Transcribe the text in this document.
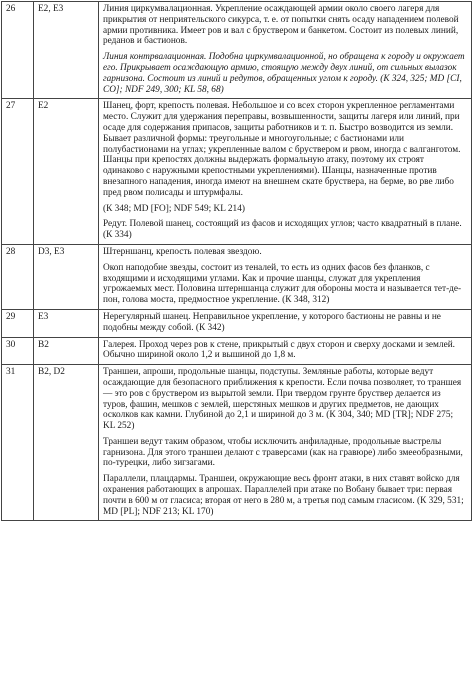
26	E2, E3	Линия циркумвалационная. Укрепление осаждающей армии около своего лагеря для прикрытия от неприятельского сикурса, т. е. от попытки снять осаду нападением полевой армии противника. Имеет ров и вал с бруствером и банкетом. Состоит из полевых линий, реданов и бастионов.

Линия контрвалационная. Подобна циркумвалационной, но обращена к городу и окружает его. Прикрывает осаждающую армию, стоящую между двух линий, от сильных вылазок гарнизона. Состоит из линий и редутов, обращенных углом к городу. (К 324, 325; MD [CI, CO]; NDF 249, 300; KL 58, 68)

27	E2	Шанец, форт, крепость полевая. Небольшое и со всех сторон укрепленное регламентами место. Служит для удержания переправы, возвышенности, защиты лагеря или линий, при осаде для содержания припасов, защиты работников и т. п. Быстро возводится из земли. Бывает различной формы: треугольные и многоугольные; с бастионами или полубастионами на углах; укрепленные валом с бруствером и рвом, иногда с валганготом. Шанцы при крепостях должны выдержать формальную атаку, поэтому их строят одинаково с наружными крепостными укреплениями). Шанцы, назначенные против внезапного нападения, иногда имеют на внешнем скате бруствера, на берме, во рве либо пред рвом полисады и штурмфалы.

(К 348; MD [FO]; NDF 549; KL 214)

Редут. Полевой шанец, состоящий из фасов и исходящих углов; часто квадратный в плане. (К 334)

28	D3, E3	Штерншанц, крепость полевая звездою.

Окоп наподобие звезды, состоит из теналей, то есть из одних фасов без фланков, с входящими и исходящими углами. Как и прочие шанцы, служат для укрепления угрожаемых мест. Половина штерншанца служит для обороны моста и называется тет-де-пон, голова моста, предмостное укрепление. (К 348, 312)

29	E3	Нерегулярный шанец. Неправильное укрепление, у которого бастионы не равны и не подобны между собой. (К 342)

30	B2	Галерея. Проход через ров к стене, прикрытый с двух сторон и сверху досками и землей. Обычно шириной около 1,2 и вышиной до 1,8 м.

31	B2, D2	Траншеи, апроши, продольные шанцы, подступы. Земляные работы, которые ведут осаждающие для безопасного приближения к крепости. Если почва позволяет, то траншея — это ров с бруствером из вырытой земли. При твердом грунте бруствер делается из туров, фашин, мешков с землей, шерстяных мешков и других предметов, не дающих осколков как камни. Глубиной до 2,1 и шириной до 3 м. (К 304, 340; MD [TR]; NDF 275; KL 252)

Траншеи ведут таким образом, чтобы исключить анфиладные, продольные выстрелы гарнизона. Для этого траншеи делают с траверсами (как на гравюре) либо змееобразными, по-турецки, либо зигзагами.

Параллели, плацдармы. Траншеи, окружающие весь фронт атаки, в них ставят войско для охранения работающих в апрошах. Параллелей при атаке по Вобану бывает три: первая почти в 600 м от гласиса; вторая от него в 280 м, а третья под самым гласисом. (К 329, 531; MD [PL]; NDF 213; KL 170)
